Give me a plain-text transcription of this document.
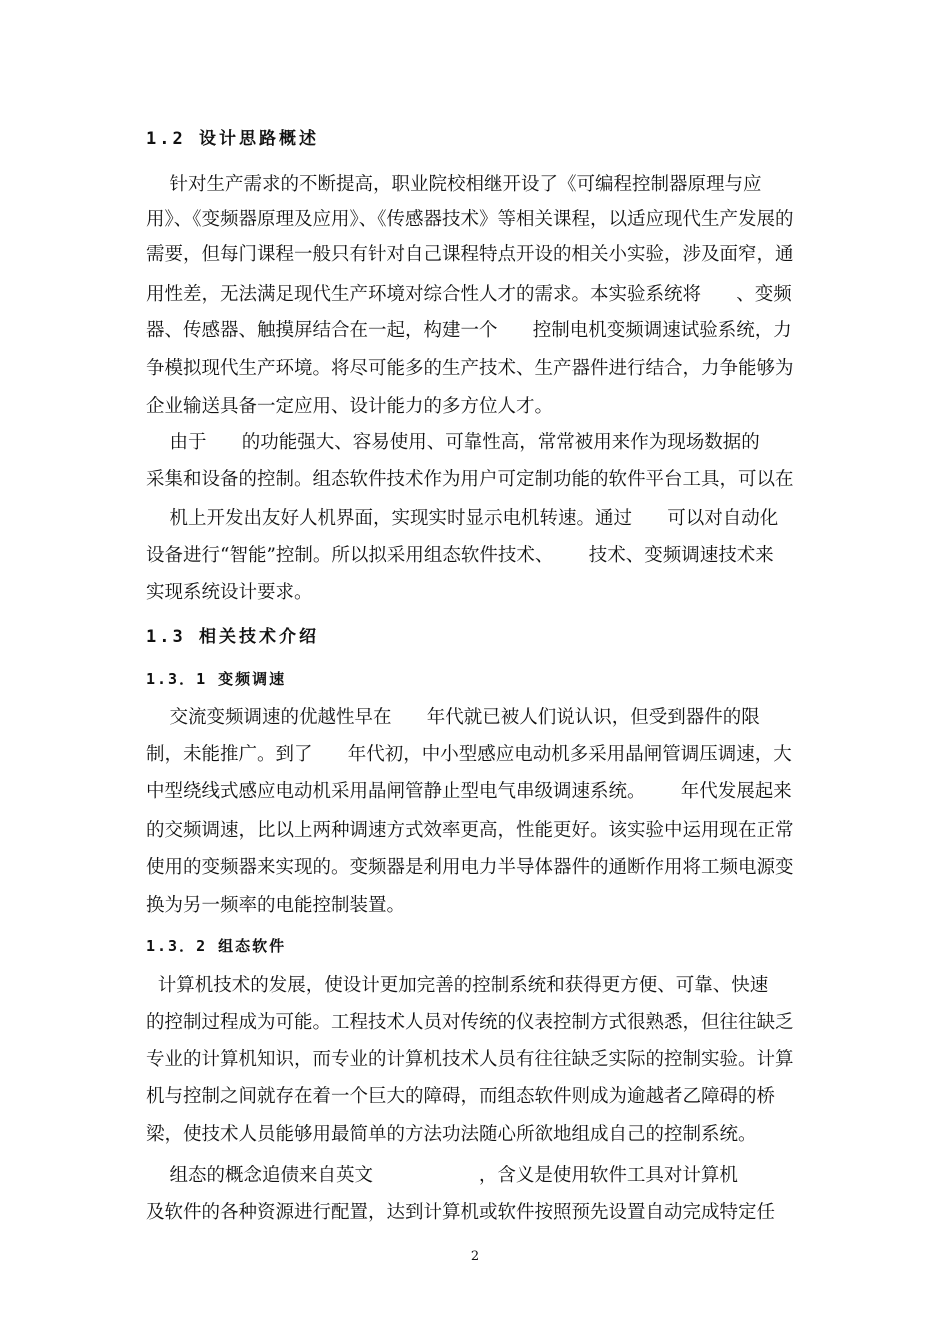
1.2 设计思路概述
针对生产需求的不断提高，职业院校相继开设了《可编程控制器原理与应
用》、《变频器原理及应用》、《传感器技术》等相关课程，以适应现代生产发展的
需要，但每门课程一般只有针对自己课程特点开设的相关小实验，涉及面窄，通
用性差，无法满足现代生产环境对综合性人才的需求。本实验系统将      、变频
器、传感器、触摸屏结合在一起，构建一个      控制电机变频调速试验系统，力
争模拟现代生产环境。将尽可能多的生产技术、生产器件进行结合，力争能够为
企业输送具备一定应用、设计能力的多方位人才。
由于      的功能强大、容易使用、可靠性高，常常被用来作为现场数据的
采集和设备的控制。组态软件技术作为用户可定制功能的软件平台工具，可以在
机上开发出友好人机界面，实现实时显示电机转速。通过      可以对自动化
设备进行“智能”控制。所以拟采用组态软件技术、      技术、变频调速技术来
实现系统设计要求。
1.3 相关技术介绍
1.3．1 变频调速
交流变频调速的优越性早在      年代就已被人们说认识，但受到器件的限
制，未能推广。到了      年代初，中小型感应电动机多采用晶闸管调压调速，大
中型绕线式感应电动机采用晶闸管静止型电气串级调速系统。      年代发展起来
的交频调速，比以上两种调速方式效率更高，性能更好。该实验中运用现在正常
使用的变频器来实现的。变频器是利用电力半导体器件的通断作用将工频电源变
换为另一频率的电能控制装置。
1.3．2 组态软件
计算机技术的发展，使设计更加完善的控制系统和获得更方便、可靠、快速
的控制过程成为可能。工程技术人员对传统的仪表控制方式很熟悉，但往往缺乏
专业的计算机知识，而专业的计算机技术人员有往往缺乏实际的控制实验。计算
机与控制之间就存在着一个巨大的障碍，而组态软件则成为逾越者乙障碍的桥
梁，使技术人员能够用最简单的方法功法随心所欲地组成自己的控制系统。
组态的概念追债来自英文                  ，含义是使用软件工具对计算机
及软件的各种资源进行配置，达到计算机或软件按照预先设置自动完成特定任
2
